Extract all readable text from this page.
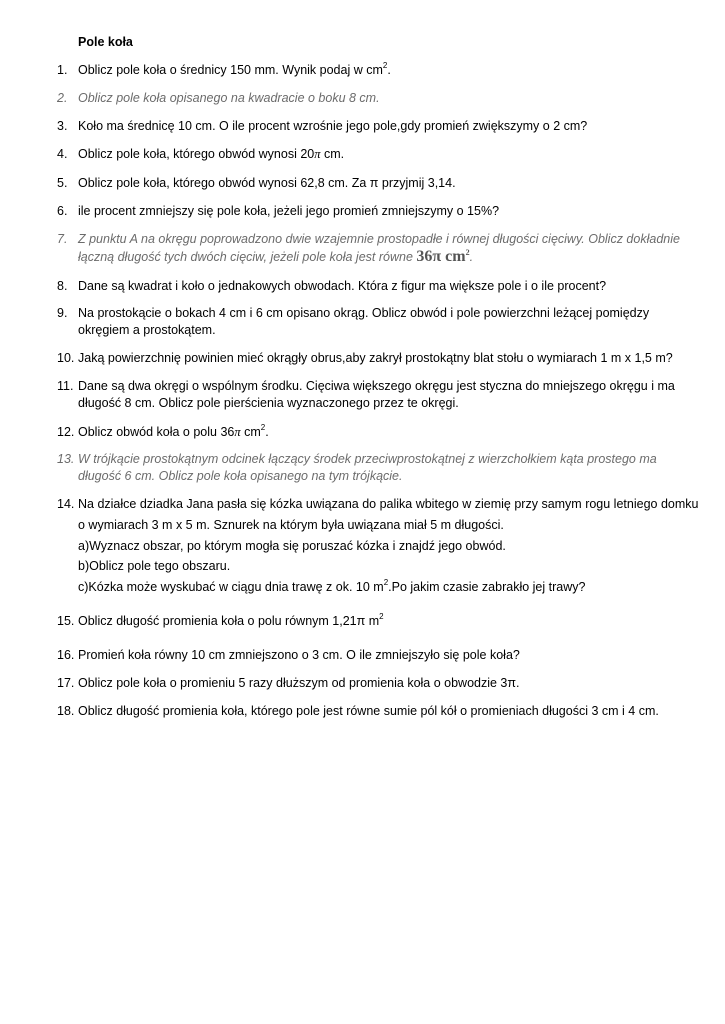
Pole koła
1. Oblicz pole koła o średnicy 150 mm. Wynik podaj w $cm^2$.
2. Oblicz pole koła opisanego na kwadracie o boku 8 cm.
3. Koło ma średnicę 10 cm. O ile procent wzrośnie jego pole,gdy promień zwiększymy o 2 cm?
4. Oblicz pole koła, którego obwód wynosi 20π cm.
5. Oblicz pole koła, którego obwód wynosi 62,8 cm. Za π przyjmij 3,14.
6. ile procent zmniejszy się pole koła, jeżeli jego promień zmniejszymy o 15%?
7. Z punktu A na okręgu poprowadzono dwie wzajemnie prostopadłe i równej długości cięciwy. Oblicz dokładnie
łączną długość tych dwóch cięciw, jeżeli pole koła jest równe 36π $cm^2$.
8. Dane są kwadrat i koło o jednakowych obwodach. Która z figur ma większe pole i o ile procent?
9. Na prostokącie o bokach 4 cm i 6 cm opisano okrąg. Oblicz obwód i pole powierzchni leżącej pomiędzy okręgiem a prostokątem.
10. Jaką powierzchnię powinien mieć okrągły obrus,aby zakrył prostokątny blat stołu o wymiarach 1 m x 1,5 m?
11. Dane są dwa okręgi o wspólnym środku. Cięciwa większego okręgu jest styczna do mniejszego okręgu i ma długość 8 cm. Oblicz pole pierścienia wyznaczonego przez te okręgi.
12. Oblicz obwód koła o polu 36π $cm^2$.
13. W trójkącie prostokątnym odcinek łączący środek przeciwprostokątnej z wierzchołkiem kąta prostego ma długość 6 cm. Oblicz pole koła opisanego na tym trójkącie.
14. Na działce dziadka Jana pasła się kózka uwiązana do palika wbitego w ziemię przy samym rogu letniego domku
o wymiarach 3 m x 5 m. Sznurek na którym była uwiązana miał 5 m długości.
a)Wyznacz obszar, po którym mogła się poruszać kózka i znajdź jego obwód.
b)Oblicz pole tego obszaru.
c)Kózka może wyskubać w ciągu dnia trawę z ok. 10 $m^2.Po$ jakim czasie zabrakło jej trawy?
15. Oblicz długość promienia koła o polu równym 1,21π $m^2$
16. Promień koła równy 10 cm zmniejszono o 3 cm. O ile zmniejszyło się pole koła?
17. Oblicz pole koła o promieniu 5 razy dłuższym od promienia koła o obwodzie 3π.
18. Oblicz długość promienia koła, którego pole jest równe sumie pól kół o promieniach długości 3 cm i 4 cm.
